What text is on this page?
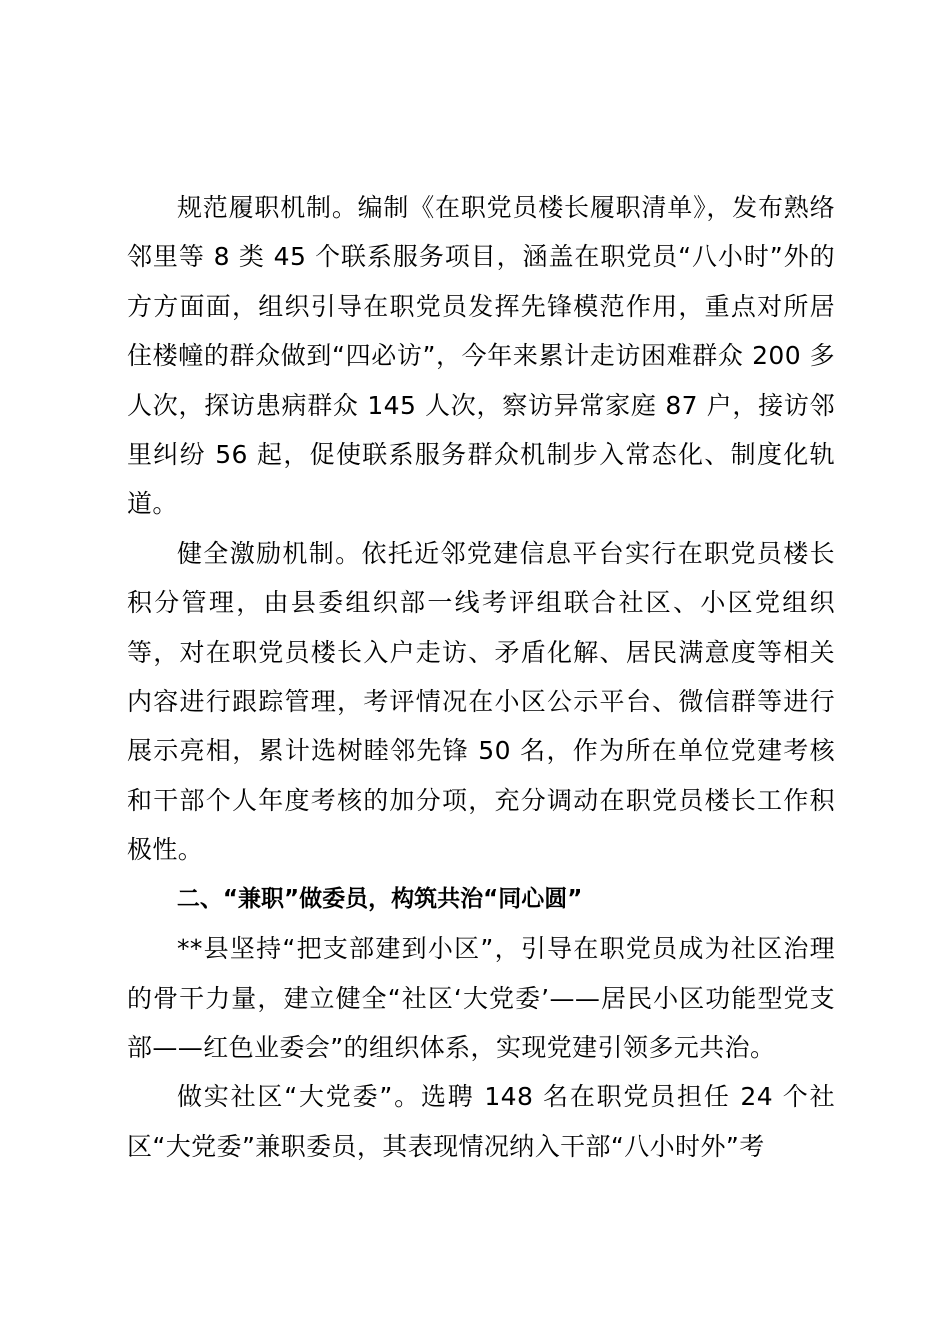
规范履职机制。编制《在职党员楼长履职清单》，发布熟络邻里等 8 类 45 个联系服务项目，涵盖在职党员“八小时”外的方方面面，组织引导在职党员发挥先锋模范作用，重点对所居住楼幢的群众做到“四必访”，今年来累计走访困难群众 200 多人次，探访患病群众 145 人次，察访异常家庭 87 户，接访邻里纠纷 56 起，促使联系服务群众机制步入常态化、制度化轨道。

健全激励机制。依托近邻党建信息平台实行在职党员楼长积分管理，由县委组织部一线考评组联合社区、小区党组织等，对在职党员楼长入户走访、矛盾化解、居民满意度等相关内容进行跟踪管理，考评情况在小区公示平台、微信群等进行展示亮相，累计选树睦邻先锋 50 名，作为所在单位党建考核和干部个人年度考核的加分项，充分调动在职党员楼长工作积极性。

二、“兼职”做委员，构筑共治“同心圆”

**县坚持“把支部建到小区”，引导在职党员成为社区治理的骨干力量，建立健全“社区‘大党委’——居民小区功能型党支部——红色业委会”的组织体系，实现党建引领多元共治。

做实社区“大党委”。选聘 148 名在职党员担任 24 个社区“大党委”兼职委员，其表现情况纳入干部“八小时外”考
